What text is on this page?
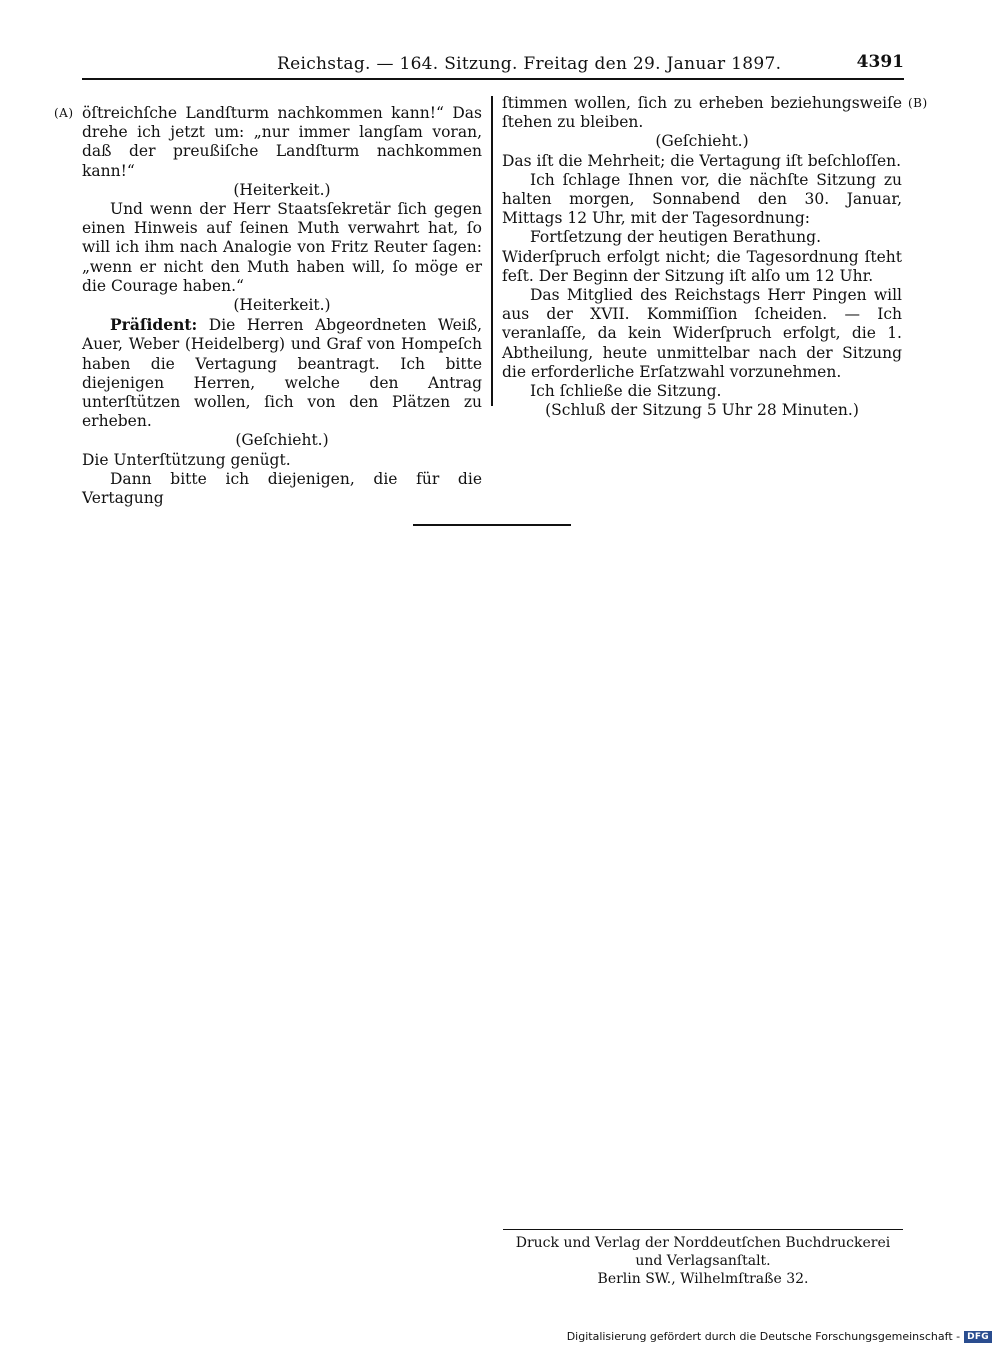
Reichstag. — 164. Sitzung. Freitag den 29. Januar 1897.	4391
(A)
(B)

öſtreichſche Landſturm nachkommen kann!“ Das drehe ich jetzt um: „nur immer langſam voran, daß der preußiſche Landſturm nachkommen kann!“

(Heiterkeit.)

Und wenn der Herr Staatsſekretär ſich gegen einen Hinweis auf ſeinen Muth verwahrt hat, ſo will ich ihm nach Analogie von Fritz Reuter ſagen: „wenn er nicht den Muth haben will, ſo möge er die Courage haben.“

(Heiterkeit.)

Präſident: Die Herren Abgeordneten Weiß, Auer, Weber (Heidelberg) und Graf von Hompeſch haben die Vertagung beantragt. Ich bitte diejenigen Herren, welche den Antrag unterſtützen wollen, ſich von den Plätzen zu erheben.

(Geſchieht.)

Die Unterſtützung genügt.

Dann bitte ich diejenigen, die für die Vertagung

ſtimmen wollen, ſich zu erheben beziehungsweiſe ſtehen zu bleiben.

(Geſchieht.)

Das iſt die Mehrheit; die Vertagung iſt beſchloſſen.

Ich ſchlage Ihnen vor, die nächſte Sitzung zu halten morgen, Sonnabend den 30. Januar, Mittags 12 Uhr, mit der Tagesordnung:

Fortſetzung der heutigen Berathung.

Widerſpruch erfolgt nicht; die Tagesordnung ſteht feſt. Der Beginn der Sitzung iſt alſo um 12 Uhr.

Das Mitglied des Reichstags Herr Pingen will aus der XVII. Kommiſſion ſcheiden. — Ich veranlaſſe, da kein Widerſpruch erfolgt, die 1. Abtheilung, heute unmittelbar nach der Sitzung die erforderliche Erſatzwahl vorzunehmen.

Ich ſchließe die Sitzung.

(Schluß der Sitzung 5 Uhr 28 Minuten.)

Druck und Verlag der Norddeutſchen Buchdruckerei und Verlagsanſtalt.
Berlin SW., Wilhelmſtraße 32.
Digitalisierung gefördert durch die Deutsche Forschungsgemeinschaft - DFG
